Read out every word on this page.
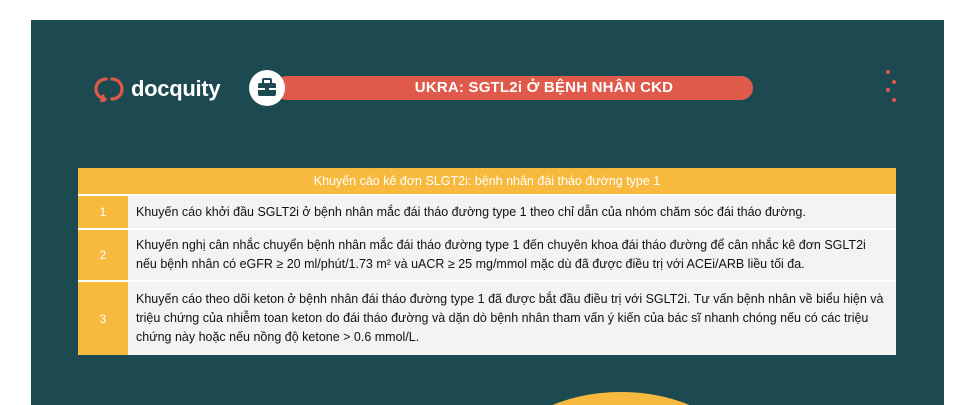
docquity	UKRA: SGTL2i Ở BỆNH NHÂN CKD
Khuyến cáo kê đơn SLGT2i: bệnh nhân đái tháo đường type 1
1	Khuyến cáo khởi đầu SGLT2i ở bệnh nhân mắc đái tháo đường type 1 theo chỉ dẫn của nhóm chăm sóc đái tháo đường.
2
Khuyến nghị cân nhắc chuyển bệnh nhân mắc đái tháo đường type 1 đến chuyên khoa đái tháo đường để cân nhắc kê đơn SGLT2i nếu bệnh nhân có eGFR ≥ 20 ml/phút/1.73 m² và uACR ≥ 25 mg/mmol mặc dù đã được điều trị với ACEi/ARB liều tối đa.
3
Khuyến cáo theo dõi keton ở bệnh nhân đái tháo đường type 1 đã được bắt đầu điều trị với SGLT2i. Tư vấn bệnh nhân về biểu hiện và triệu chứng của nhiễm toan keton do đái tháo đường và dặn dò bệnh nhân tham vấn ý kiến của bác sĩ nhanh chóng nếu có các triệu chứng này hoặc nếu nồng độ ketone > 0.6 mmol/L.
